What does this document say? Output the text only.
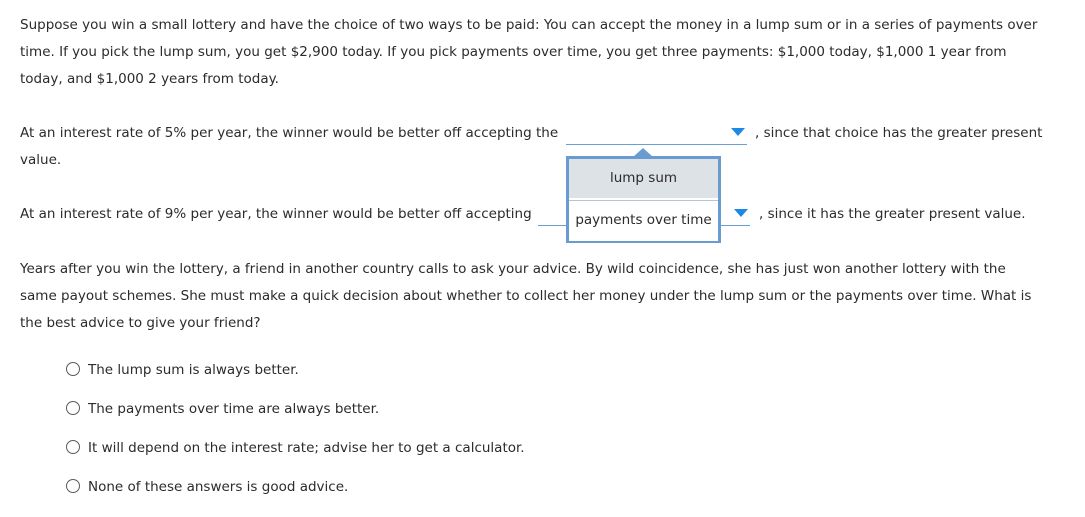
Suppose you win a small lottery and have the choice of two ways to be paid: You can accept the money in a lump sum or in a series of payments over
time. If you pick the lump sum, you get $2,900 today. If you pick payments over time, you get three payments: $1,000 today, $1,000 1 year from
today, and $1,000 2 years from today.
At an interest rate of 5% per year, the winner would be better off accepting the	, since that choice has the greater present
value.
At an interest rate of 9% per year, the winner would be better off accepting	, since it has the greater present value.
lump sum
payments over time
Years after you win the lottery, a friend in another country calls to ask your advice. By wild coincidence, she has just won another lottery with the
same payout schemes. She must make a quick decision about whether to collect her money under the lump sum or the payments over time. What is
the best advice to give your friend?
The lump sum is always better.
The payments over time are always better.
It will depend on the interest rate; advise her to get a calculator.
None of these answers is good advice.
